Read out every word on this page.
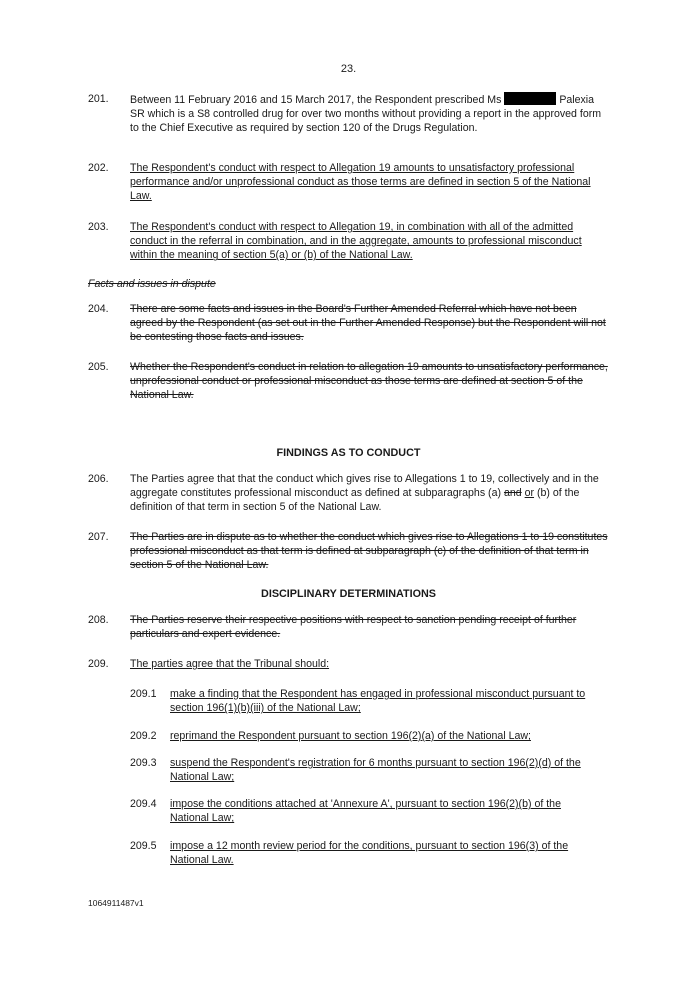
23.
201.	Between 11 February 2016 and 15 March 2017, the Respondent prescribed Ms	Palexia SR which is a S8 controlled drug for over two months without providing a report in the approved form to the Chief Executive as required by section 120 of the Drugs Regulation.
202.	The Respondent's conduct with respect to Allegation 19 amounts to unsatisfactory professional performance and/or unprofessional conduct as those terms are defined in section 5 of the National Law.
203.	The Respondent's conduct with respect to Allegation 19, in combination with all of the admitted conduct in the referral in combination, and in the aggregate, amounts to professional misconduct within the meaning of section 5(a) or (b) of the National Law.
Facts and issues in dispute
204.	There are some facts and issues in the Board's Further Amended Referral which have not been agreed by the Respondent (as set out in the Further Amended Response) but the Respondent will not be contesting those facts and issues.
205.	Whether the Respondent's conduct in relation to allegation 19 amounts to unsatisfactory performance, unprofessional conduct or professional misconduct as those terms are defined at section 5 of the National Law.
FINDINGS AS TO CONDUCT
206.	The Parties agree that that the conduct which gives rise to Allegations 1 to 19, collectively and in the aggregate constitutes professional misconduct as defined at subparagraphs (a) and or (b) of the definition of that term in section 5 of the National Law.
207.	The Parties are in dispute as to whether the conduct which gives rise to Allegations 1 to 19 constitutes professional misconduct as that term is defined at subparagraph (c) of the definition of that term in section 5 of the National Law.
DISCIPLINARY DETERMINATIONS
208.	The Parties reserve their respective positions with respect to sanction pending receipt of further particulars and expert evidence.
209.	The parties agree that the Tribunal should:
209.1	make a finding that the Respondent has engaged in professional misconduct pursuant to section 196(1)(b)(iii) of the National Law;
209.2	reprimand the Respondent pursuant to section 196(2)(a) of the National Law;
209.3	suspend the Respondent's registration for 6 months pursuant to section 196(2)(d) of the National Law;
209.4	impose the conditions attached at 'Annexure A', pursuant to section 196(2)(b) of the National Law;
209.5	impose a 12 month review period for the conditions, pursuant to section 196(3) of the National Law.
1064911487v1
